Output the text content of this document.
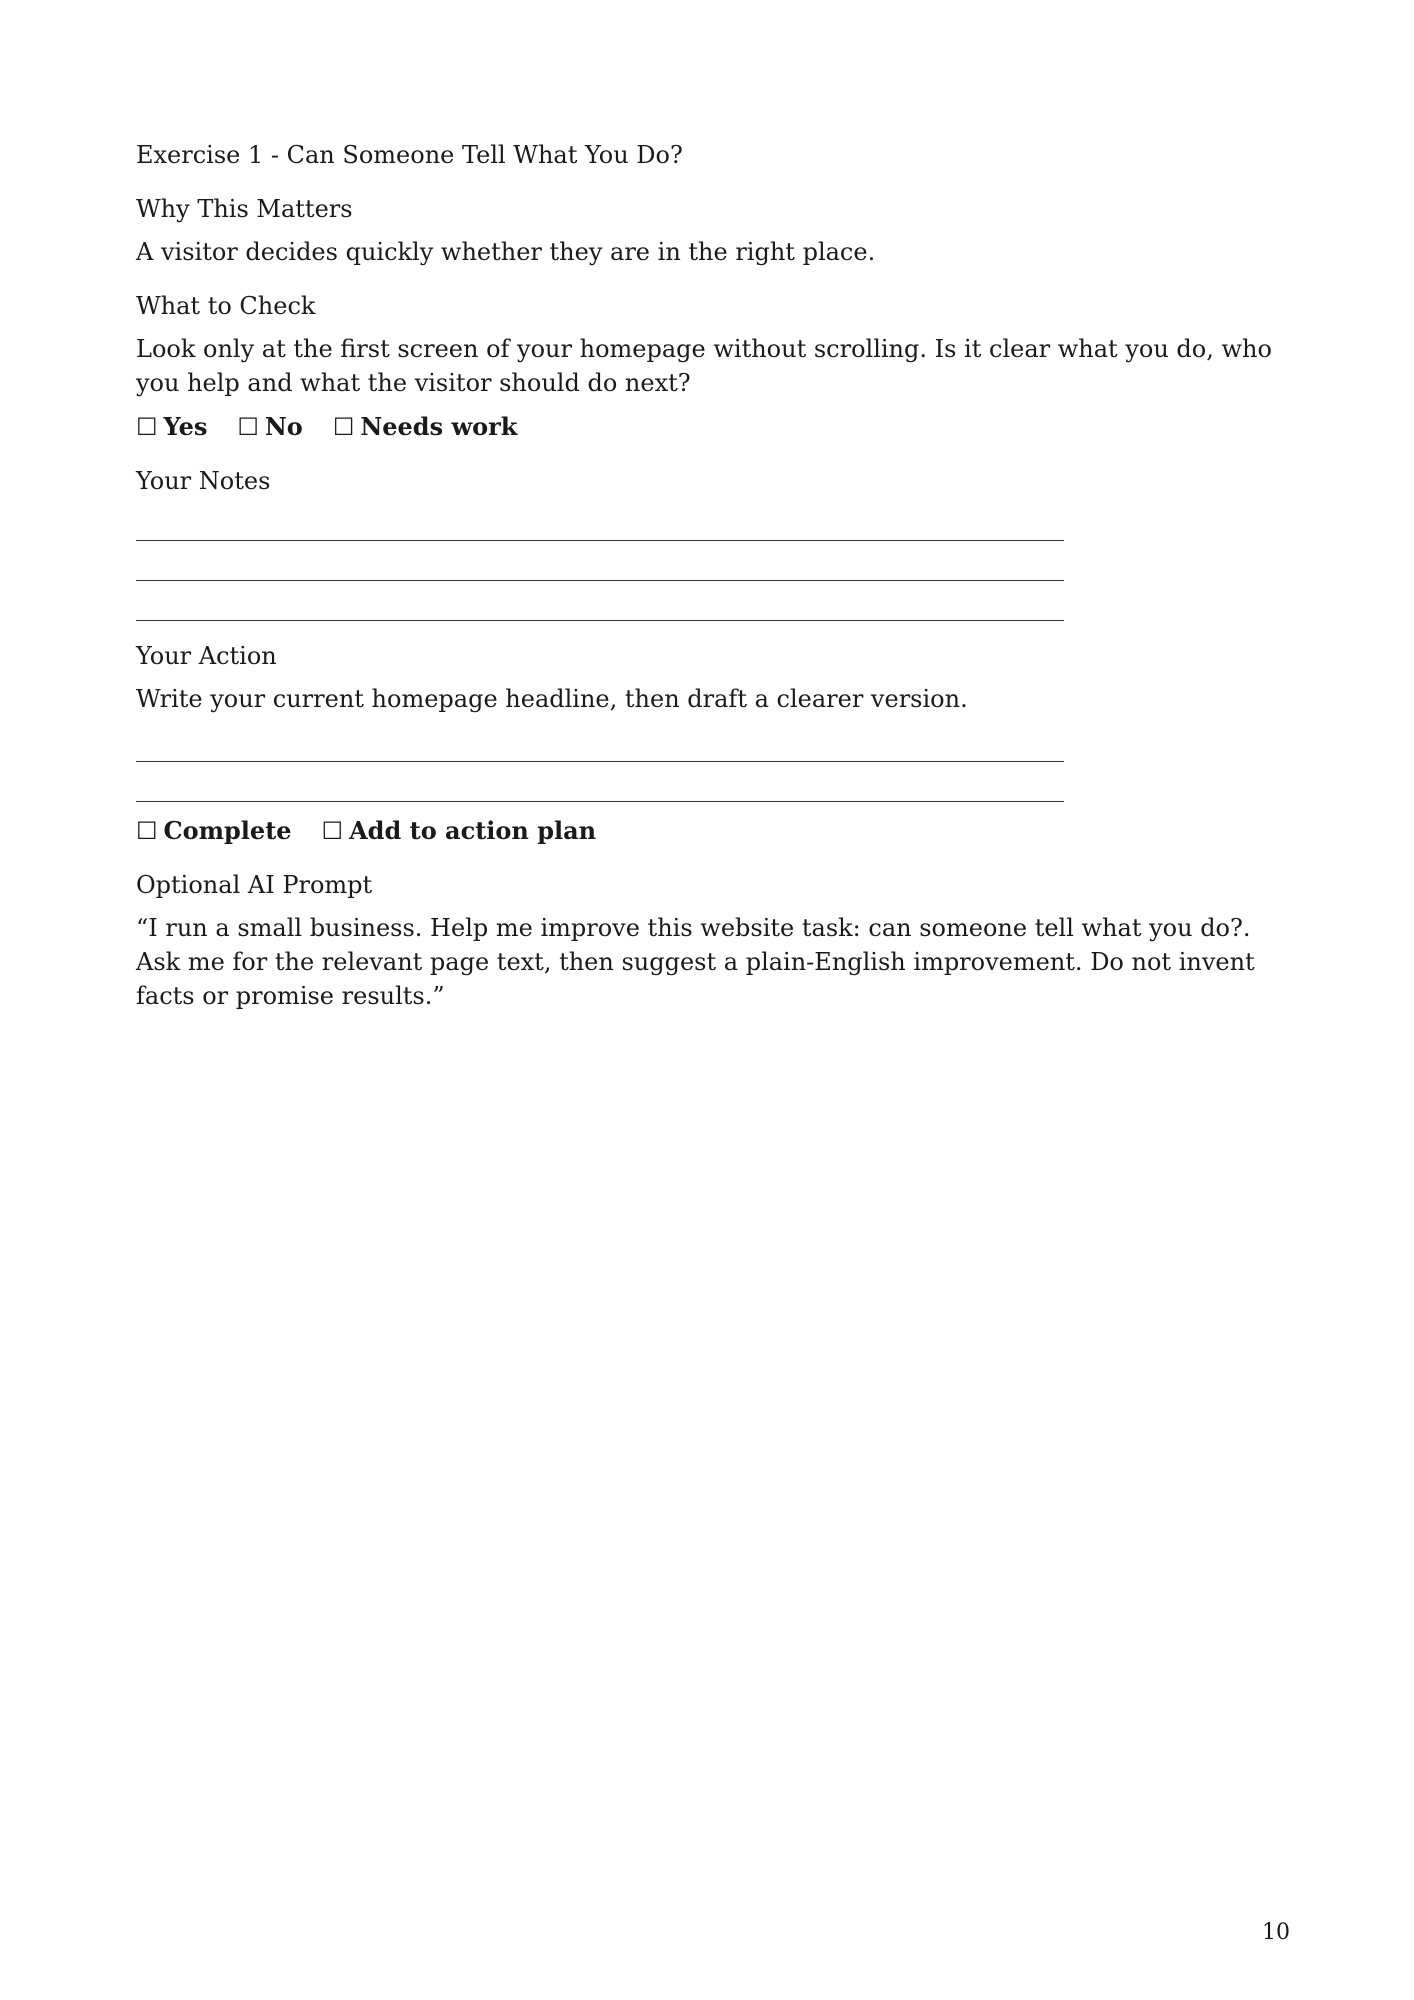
Exercise 1 - Can Someone Tell What You Do?

Why This Matters

A visitor decides quickly whether they are in the right place.

What to Check

Look only at the first screen of your homepage without scrolling. Is it clear what you do, who you help and what the visitor should do next?

☐ Yes ☐ No ☐ Needs work

Your Notes

Your Action

Write your current homepage headline, then draft a clearer version.

☐ Complete ☐ Add to action plan

Optional AI Prompt

“I run a small business. Help me improve this website task: can someone tell what you do?. Ask me for the relevant page text, then suggest a plain-English improvement. Do not invent facts or promise results.”

10
